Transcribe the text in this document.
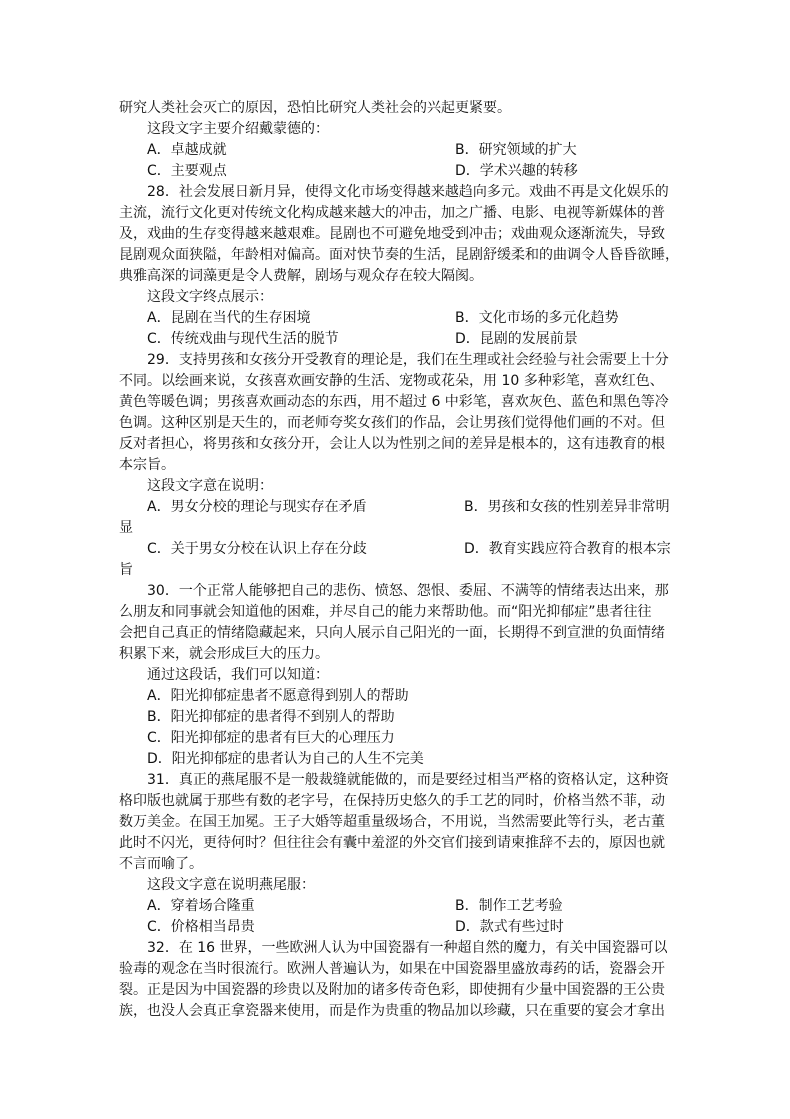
研究人类社会灭亡的原因，恐怕比研究人类社会的兴起更紧要。
这段文字主要介绍戴蒙德的：
A．卓越成就	B．研究领域的扩大
C．主要观点	D．学术兴趣的转移
28．社会发展日新月异，使得文化市场变得越来越趋向多元。戏曲不再是文化娱乐的
主流，流行文化更对传统文化构成越来越大的冲击，加之广播、电影、电视等新媒体的普
及，戏曲的生存变得越来越艰难。昆剧也不可避免地受到冲击；戏曲观众逐渐流失，导致
昆剧观众面狭隘，年龄相对偏高。面对快节奏的生活，昆剧舒缓柔和的曲调令人昏昏欲睡，
典雅高深的词藻更是令人费解，剧场与观众存在较大隔阂。
这段文字终点展示：
A．昆剧在当代的生存困境	B．文化市场的多元化趋势
C．传统戏曲与现代生活的脱节	D．昆剧的发展前景
29．支持男孩和女孩分开受教育的理论是，我们在生理或社会经验与社会需要上十分
不同。以绘画来说，女孩喜欢画安静的生活、宠物或花朵，用 10 多种彩笔，喜欢红色、
黄色等暖色调；男孩喜欢画动态的东西，用不超过 6 中彩笔，喜欢灰色、蓝色和黑色等冷
色调。这种区别是天生的，而老师夸奖女孩们的作品，会让男孩们觉得他们画的不对。但
反对者担心，将男孩和女孩分开，会让人以为性别之间的差异是根本的，这有违教育的根
本宗旨。
这段文字意在说明：
A．男女分校的理论与现实存在矛盾	B．男孩和女孩的性别差异非常明
显
C．关于男女分校在认识上存在分歧	D．教育实践应符合教育的根本宗
旨
30．一个正常人能够把自己的悲伤、愤怒、怨恨、委屈、不满等的情绪表达出来，那
么朋友和同事就会知道他的困难，并尽自己的能力来帮助他。而“阳光抑郁症”患者往往
会把自己真正的情绪隐藏起来，只向人展示自己阳光的一面，长期得不到宣泄的负面情绪
积累下来，就会形成巨大的压力。
通过这段话，我们可以知道：
A．阳光抑郁症患者不愿意得到别人的帮助
B．阳光抑郁症的患者得不到别人的帮助
C．阳光抑郁症的患者有巨大的心理压力
D．阳光抑郁症的患者认为自己的人生不完美
31．真正的燕尾服不是一般裁缝就能做的，而是要经过相当严格的资格认定，这种资
格印版也就属于那些有数的老字号，在保持历史悠久的手工艺的同时，价格当然不菲，动
数万美金。在国王加冕。王子大婚等超重量级场合，不用说，当然需要此等行头，老古董
此时不闪光，更待何时？但往往会有囊中羞涩的外交官们接到请柬推辞不去的，原因也就
不言而喻了。
这段文字意在说明燕尾服：
A．穿着场合隆重	B．制作工艺考验
C．价格相当昂贵	D．款式有些过时
32．在 16 世界，一些欧洲人认为中国瓷器有一种超自然的魔力，有关中国瓷器可以
验毒的观念在当时很流行。欧洲人普遍认为，如果在中国瓷器里盛放毒药的话，瓷器会开
裂。正是因为中国瓷器的珍贵以及附加的诸多传奇色彩，即使拥有少量中国瓷器的王公贵
族，也没人会真正拿瓷器来使用，而是作为贵重的物品加以珍藏，只在重要的宴会才拿出
